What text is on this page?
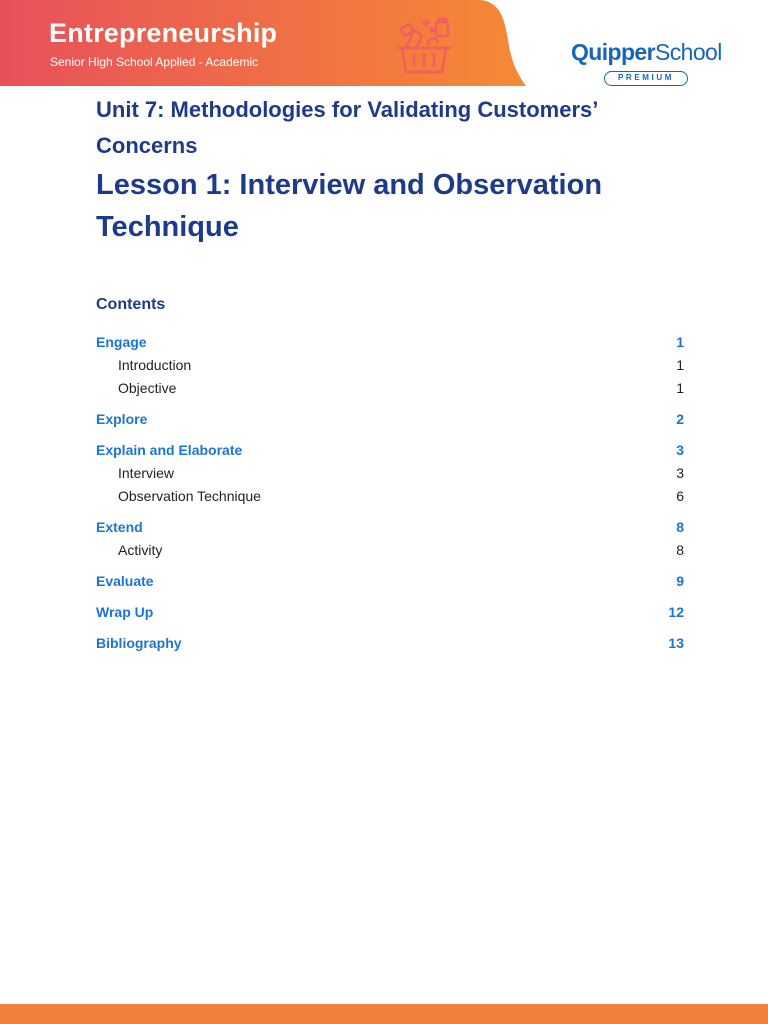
Entrepreneurship
Senior High School Applied - Academic	QuipperSchool
PREMIUM
Unit 7: Methodologies for Validating Customers’ Concerns
Lesson 1: Interview and Observation Technique
Contents
Engage	1
Introduction	1
Objective	1
Explore	2
Explain and Elaborate	3
Interview	3
Observation Technique	6
Extend	8
Activity	8
Evaluate	9
Wrap Up	12
Bibliography	13
